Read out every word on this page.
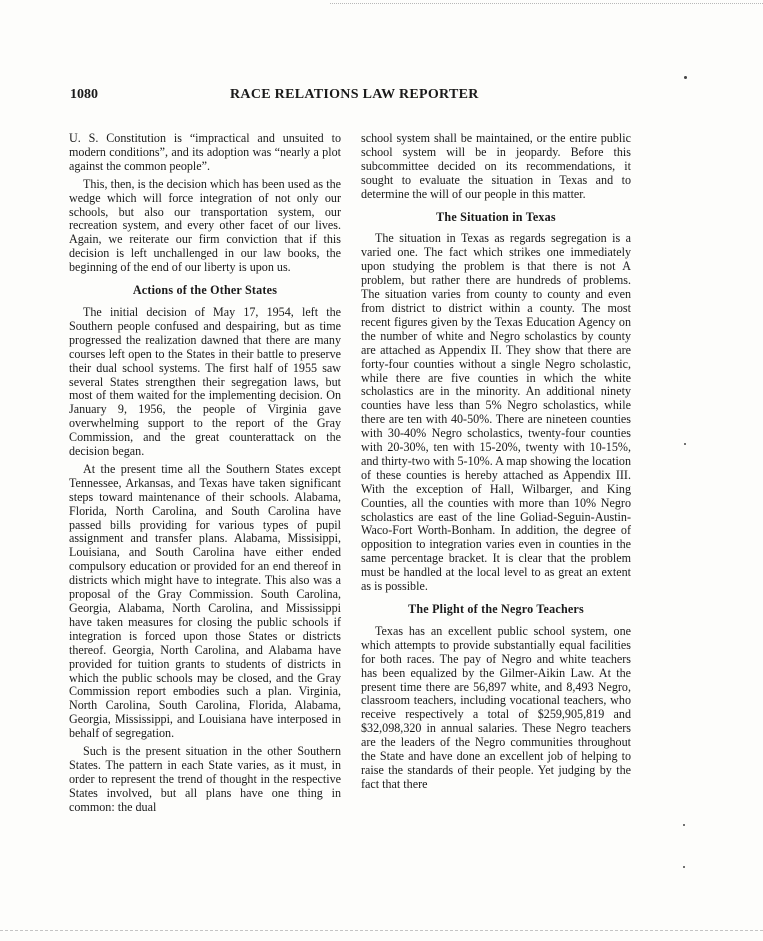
1080	RACE RELATIONS LAW REPORTER

U. S. Constitution is “impractical and unsuited to modern conditions”, and its adoption was “nearly a plot against the common people”.

This, then, is the decision which has been used as the wedge which will force integration of not only our schools, but also our transportation system, our recreation system, and every other facet of our lives. Again, we reiterate our firm conviction that if this decision is left unchallenged in our law books, the beginning of the end of our liberty is upon us.

Actions of the Other States

The initial decision of May 17, 1954, left the Southern people confused and despairing, but as time progressed the realization dawned that there are many courses left open to the States in their battle to preserve their dual school systems. The first half of 1955 saw several States strengthen their segregation laws, but most of them waited for the implementing decision. On January 9, 1956, the people of Virginia gave overwhelming support to the report of the Gray Commission, and the great counterattack on the decision began.

At the present time all the Southern States except Tennessee, Arkansas, and Texas have taken significant steps toward maintenance of their schools. Alabama, Florida, North Carolina, and South Carolina have passed bills providing for various types of pupil assignment and transfer plans. Alabama, Missisippi, Louisiana, and South Carolina have either ended compulsory education or provided for an end thereof in districts which might have to integrate. This also was a proposal of the Gray Commission. South Carolina, Georgia, Alabama, North Carolina, and Mississippi have taken measures for closing the public schools if integration is forced upon those States or districts thereof. Georgia, North Carolina, and Alabama have provided for tuition grants to students of districts in which the public schools may be closed, and the Gray Commission report embodies such a plan. Virginia, North Carolina, South Carolina, Florida, Alabama, Georgia, Mississippi, and Louisiana have interposed in behalf of segregation.

Such is the present situation in the other Southern States. The pattern in each State varies, as it must, in order to represent the trend of thought in the respective States involved, but all plans have one thing in common: the dual

school system shall be maintained, or the entire public school system will be in jeopardy. Before this subcommittee decided on its recommendations, it sought to evaluate the situation in Texas and to determine the will of our people in this matter.

The Situation in Texas

The situation in Texas as regards segregation is a varied one. The fact which strikes one immediately upon studying the problem is that there is not A problem, but rather there are hundreds of problems. The situation varies from county to county and even from district to district within a county. The most recent figures given by the Texas Education Agency on the number of white and Negro scholastics by county are attached as Appendix II. They show that there are forty-four counties without a single Negro scholastic, while there are five counties in which the white scholastics are in the minority. An additional ninety counties have less than 5% Negro scholastics, while there are ten with 40-50%. There are nineteen counties with 30-40% Negro scholastics, twenty-four counties with 20-30%, ten with 15-20%, twenty with 10-15%, and thirty-two with 5-10%. A map showing the location of these counties is hereby attached as Appendix III. With the exception of Hall, Wilbarger, and King Counties, all the counties with more than 10% Negro scholastics are east of the line Goliad-Seguin-Austin-Waco-Fort Worth-Bonham. In addition, the degree of opposition to integration varies even in counties in the same percentage bracket. It is clear that the problem must be handled at the local level to as great an extent as is possible.

The Plight of the Negro Teachers

Texas has an excellent public school system, one which attempts to provide substantially equal facilities for both races. The pay of Negro and white teachers has been equalized by the Gilmer-Aikin Law. At the present time there are 56,897 white, and 8,493 Negro, classroom teachers, including vocational teachers, who receive respectively a total of $259,905,819 and $32,098,320 in annual salaries. These Negro teachers are the leaders of the Negro communities throughout the State and have done an excellent job of helping to raise the standards of their people. Yet judging by the fact that there
